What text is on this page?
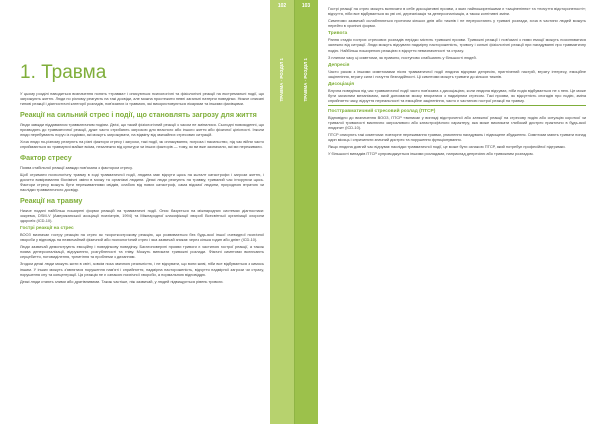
1. Травма

У цьому розділі наводиться визначення понять «травма» і описуються психологічні та фізіологічні реакції на екстремальні події, що загрожують життю. Люди по різному реагують на такі досвіди, але можна простежити певні загальні патерни поведінки. Нижче описані типові реакції і діагностичні категорії розладів, пов'язаних із травмою, які використовуються лікарями та іншими фахівцями.

Реакції на сильний стрес і події, що становлять загрозу для життя

Люди завжди піддавалися травматичним подіям. Двічі, що такий фізіологічний реакції з часом не змінилися. Сьогодні повсякденні, що призводять до травматичної реакції, дуже часто стрибають загрозою для власного або іншого життя або фізичної цілісності. Інколи люди перебувають поруч із подіями, які можуть загрожувати, на відміну від звичайних стресових ситуацій.

Хоча люди по-різному реагують на різні фактори стресу і загрози, такі події, як оплакування, погроза і насильство, під час війни часто сприймаються як травмуючі майже всіма, незалежно від культури чи інших факторів — тому, як ви вже зазначили, які ми переживали.

Фактор стресу

Поява стабільної реакції завжди пов'язана з фактором стресу.

Щоб отримати психологічну травму в ході травматичної події, людина має відчути щось на кшталт катастрофи і загрози життю, і досягти вимірювання біохімічні зміни в мозку та організмі людини. Деякі люди реагують на травму, тривалий час ігноруючи щось. Фактори стресу можуть бути переживаннями свідків, слабою від нових катастроф, сама відомої людини, природною втратою чи наслідки травматичного досвіду.

Реакції на травму

Нижче подані найбільш поширені форми реакцій на травматичні події. Опис базується на міжнародних системах діагностики: зокрема, DSM-V (Американської асоціації психіатрів, 1994) та Міжнародної класифікації хвороб Всесвітньої організації охорони здоров'я (ICD-10).

Гострі реакції на стрес

ВООЗ визначає гостру реакцію на стрес як «короткострокову реакцію, що розвивається без будь-якої іншої очевидної психічної хвороби у відповідь на незвичайний фізичний або психологічний стрес і яка зазвичай зникає через кілька годин або днів» (ICD-10).

Люди зазвичай демонструють емоційну і поведінкову поведінку. Багатоповерхні прояви тривоги є частиною гострої реакції, а також поява деперсоналізації, відчуження, розгубленості та гніву. Можуть виникати тривожні розлади. Фізичні симптоми включають серцебиття, потовиділення, тремтіння та проблеми з диханням.

Згодом деякі люди можуть жити в світі, зовсім поза звичною реальністю, і не відчувати, що вони живі, ніби все відбувається з кимось іншим. У інших можуть з'являтися порушення пам'яті і сприйняття, надмірна настороженість, відчуття надмірної загрози чи страху, порушення сну та концентрації. Ця реакція не є ознакою психічної хвороби, а нормальною відповіддю.

Деякі люди стають злими або дратівливими. Також частіше, ніж зазвичай, у людей підвищується рівень тривоги.

102
ТРАВМА · РОЗДІЛ 1
103
ТРАВМА · РОЗДІЛ 1

Гострі реакції на стрес можуть включати в себе дисоціативні прояви, з яких найпоширенішими є «заціпеніння» та «почуття відстороненості»; відчуття, ніби все відбувається як уві сні, дереалізація та деперсоналізація, а також когнітивні зміни.

Симптоми зазвичай ослаблюються протягом кількох днів або тижнів і не переростають у тривалі розлади, хоча в частини людей можуть перейти в хронічні форми.

Тривога

Рання стадія гострих стресових розладів нерідко містить тривожні прояви. Тривожні реакції і пов'язані з ними емоції можуть посилюватися залежно від ситуації. Люди можуть відчувати надмірну настороженість, тривогу і сильні фізіологічні реакції при нагадуванні про травматичну подію. Найбільш поширеною реакцією є відчуття невизначеності та страху.

З плином часу ці симптоми, як правило, поступово слабшають у більшості людей.

Депресія

Часто разом з іншими симптомами після травматичної події людина відчуває депресію, пригнічений настрій, втрату інтересу, емоційне заціпеніння, втрату сили і почуття безнадійності. Ці симптоми можуть тривати до кількох тижнів.

Дисоціація

Влучна поведінка під час травматичної події часто пов'язана з дисоціацією, коли людина відчуває, ніби подія відбувається не з нею. Це може бути захисним механізмом, який допомагає мозку впоратися з надмірним стресом. Такі прояви, як відсутність спогадів про подію, зміна сприйняття часу, відчуття нереальності та емоційне заціпеніння, часто є частиною гострої реакції на травму.

Посттравматичний стресовий розлад (ПТСР)

Відповідно до визначення ВООЗ, ПТСР «виникає у вигляді відстроченої або затяжної реакції на стресову подію або ситуацію короткої чи тривалої тривалості виключно загрозливого або катастрофічного характеру, яка може викликати глибокий дистрес практично в будь-якої людини» (ICD-10).

ПТСР описують такі симптоми: повторне переживання травми, уникнення нагадувань і підвищене збудження. Симптоми мають тривати понад один місяць і спричиняти значний дистрес та порушення функціонування.

Якщо людина довгий час відчуває наслідки травматичної події, це може бути ознакою ПТСР, який потребує професійної підтримки.

У більшості випадків ПТСР супроводжується іншими розладами, наприклад депресією або тривожним розладом.
